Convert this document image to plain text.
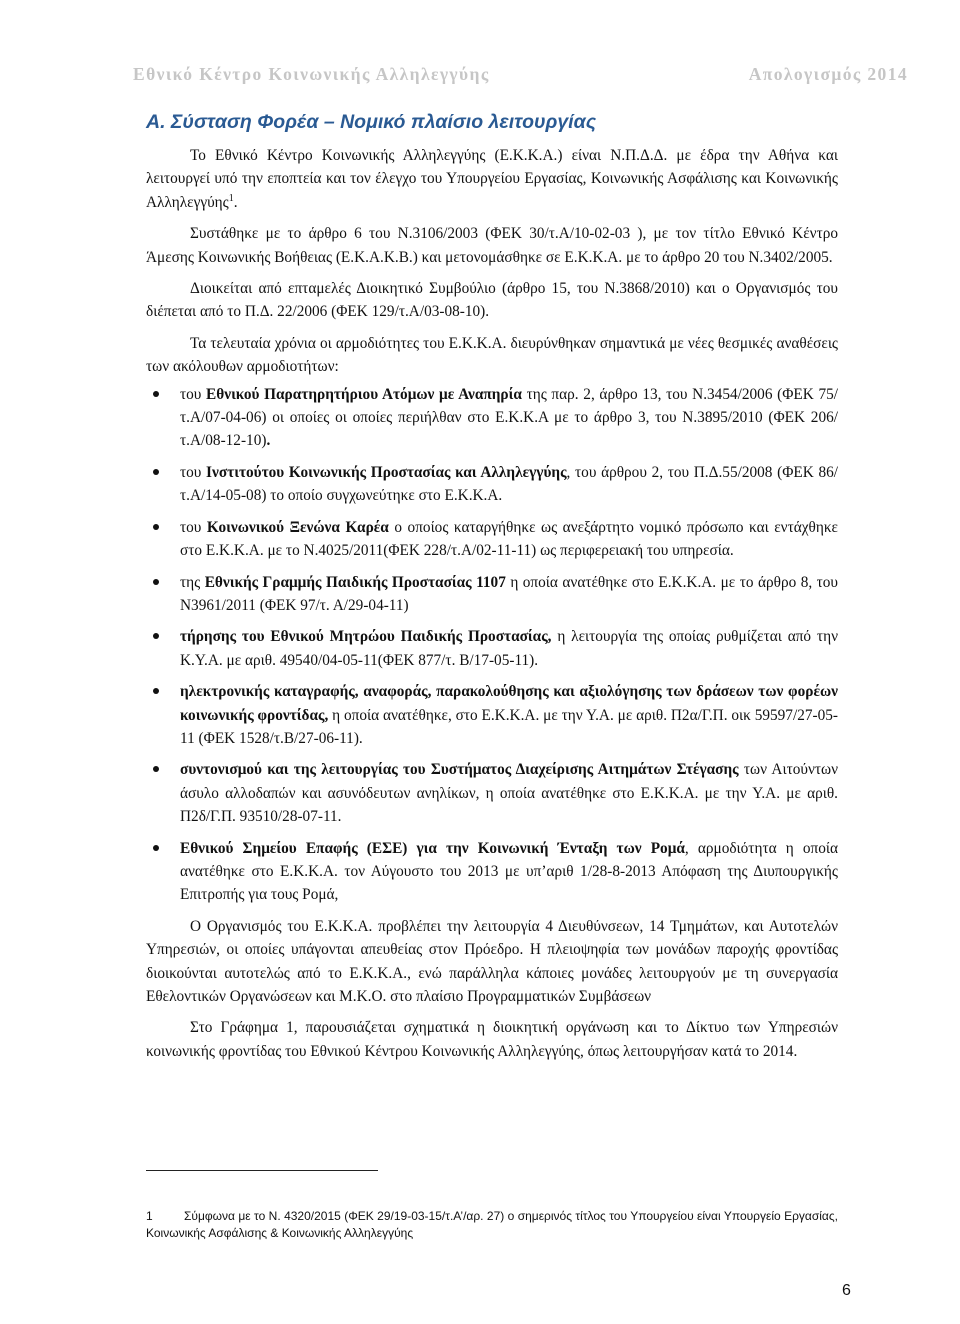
Εθνικό Κέντρο Κοινωνικής Αλληλεγγύης	Απολογισμός 2014
Α. Σύσταση Φορέα – Νομικό πλαίσιο λειτουργίας

Το Εθνικό Κέντρο Κοινωνικής Αλληλεγγύης (Ε.Κ.Κ.Α.) είναι Ν.Π.Δ.Δ. με έδρα την Αθήνα και λειτουργεί υπό την εποπτεία και τον έλεγχο του Υπουργείου Εργασίας, Κοινωνικής Ασφάλισης και Κοινωνικής Αλληλεγγύης$^1$.

Συστάθηκε με το άρθρο 6 του Ν.3106/2003 (ΦΕΚ 30/τ.Α/10-02-03 ), με τον τίτλο Εθνικό Κέντρο Άμεσης Κοινωνικής Βοήθειας (Ε.Κ.Α.Κ.Β.) και μετονομάσθηκε σε Ε.Κ.Κ.Α. με το άρθρο 20 του Ν.3402/2005.

Διοικείται από επταμελές Διοικητικό Συμβούλιο (άρθρο 15, του Ν.3868/2010) και ο Οργανισμός του διέπεται από το Π.Δ. 22/2006 (ΦΕΚ 129/τ.Α/03-08-10).

Τα τελευταία χρόνια οι αρμοδιότητες του Ε.Κ.Κ.Α. διευρύνθηκαν σημαντικά με νέες θεσμικές αναθέσεις των ακόλουθων αρμοδιοτήτων:

του Εθνικού Παρατηρητήριου Ατόμων με Αναπηρία της παρ. 2, άρθρο 13, του Ν.3454/2006 (ΦΕΚ 75/τ.Α/07-04-06) οι οποίες οι οποίες περιήλθαν στο Ε.Κ.Κ.Α με το άρθρο 3, του Ν.3895/2010 (ΦΕΚ 206/τ.Α/08-12-10).
του Ινστιτούτου Κοινωνικής Προστασίας και Αλληλεγγύης, του άρθρου 2, του Π.Δ.55/2008 (ΦΕΚ 86/τ.Α/14-05-08) το οποίο συγχωνεύτηκε στο Ε.Κ.Κ.Α.
του Κοινωνικού Ξενώνα Καρέα ο οποίος καταργήθηκε ως ανεξάρτητο νομικό πρόσωπο και εντάχθηκε στο Ε.Κ.Κ.Α. με το Ν.4025/2011(ΦΕΚ 228/τ.Α/02-11-11) ως περιφερειακή του υπηρεσία.
της Εθνικής Γραμμής Παιδικής Προστασίας 1107 η οποία ανατέθηκε στο Ε.Κ.Κ.Α. με το άρθρο 8, του Ν3961/2011 (ΦΕΚ 97/τ. Α/29-04-11)
τήρησης του Εθνικού Μητρώου Παιδικής Προστασίας, η λειτουργία της οποίας ρυθμίζεται από την Κ.Υ.Α. με αριθ. 49540/04-05-11(ΦΕΚ 877/τ. Β/17-05-11).
ηλεκτρονικής καταγραφής, αναφοράς, παρακολούθησης και αξιολόγησης των δράσεων των φορέων κοινωνικής φροντίδας, η οποία ανατέθηκε, στο Ε.Κ.Κ.Α. με την Υ.Α. με αριθ. Π2α/Γ.Π. οικ 59597/27-05-11 (ΦΕΚ 1528/τ.Β/27-06-11).
συντονισμού και της λειτουργίας του Συστήματος Διαχείρισης Αιτημάτων Στέγασης των Αιτούντων άσυλο αλλοδαπών και ασυνόδευτων ανηλίκων, η οποία ανατέθηκε στο Ε.Κ.Κ.Α. με την Υ.Α. με αριθ. Π2δ/Γ.Π. 93510/28-07-11.
Εθνικού Σημείου Επαφής (ΕΣΕ) για την Κοινωνική Ένταξη των Ρομά, αρμοδιότητα η οποία ανατέθηκε στο Ε.Κ.Κ.Α. τον Αύγουστο του 2013 με υπ’αριθ 1/28-8-2013 Απόφαση της Διυπουργικής Επιτροπής για τους Ρομά,

Ο Οργανισμός του Ε.Κ.Κ.Α. προβλέπει την λειτουργία 4 Διευθύνσεων, 14 Τμημάτων, και Αυτοτελών Υπηρεσιών, οι οποίες υπάγονται απευθείας στον Πρόεδρο. Η πλειοψηφία των μονάδων παροχής φροντίδας διοικούνται αυτοτελώς από το Ε.Κ.Κ.Α., ενώ παράλληλα κάποιες μονάδες λειτουργούν με τη συνεργασία Εθελοντικών Οργανώσεων και Μ.Κ.Ο. στο πλαίσιο Προγραμματικών Συμβάσεων

Στο Γράφημα 1, παρουσιάζεται σχηματικά η διοικητική οργάνωση και το Δίκτυο των Υπηρεσιών κοινωνικής φροντίδας του Εθνικού Κέντρου Κοινωνικής Αλληλεγγύης, όπως λειτουργήσαν κατά το 2014.

1	Σύμφωνα με το Ν. 4320/2015 (ΦΕΚ 29/19-03-15/τ.Α’/αρ. 27) ο σημερινός τίτλος του Υπουργείου είναι Υπουργείο Εργασίας, Κοινωνικής Ασφάλισης & Κοινωνικής Αλληλεγγύης
6
